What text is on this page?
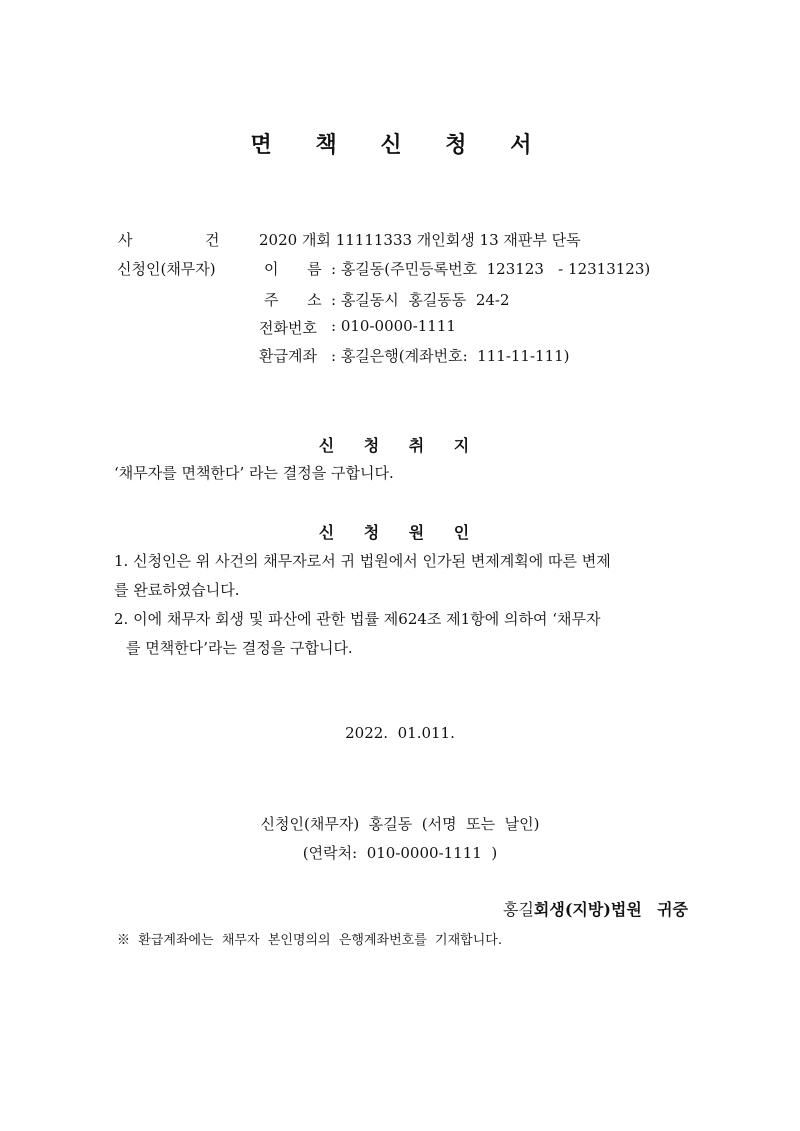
면 책 신 청 서
사	건	2020 개회 11111333 개인회생 13 재판부 단독
신청인(채무자)	이      름 : 홍길동(주민등록번호  123123   - 12313123)
주      소 : 홍길동시  홍길동동  24-2
전화번호 : 010-0000-1111
환급계좌 : 홍길은행(계좌번호:  111-11-111)
신 청 취 지
‘채무자를 면책한다’ 라는 결정을 구합니다.
신 청 원 인
1. 신청인은 위 사건의 채무자로서 귀 법원에서 인가된 변제계획에 따른 변제
를 완료하였습니다.
2. 이에 채무자 회생 및 파산에 관한 법률 제624조 제1항에 의하여 ‘채무자
를 면책한다’라는 결정을 구합니다.
2022.  01.011.
신청인(채무자)  홍길동  (서명  또는  날인)
(연락처:  010-0000-1111  )
홍길회생(지방)법원 귀중
※  환급계좌에는  채무자  본인명의의  은행계좌번호를  기재합니다.
